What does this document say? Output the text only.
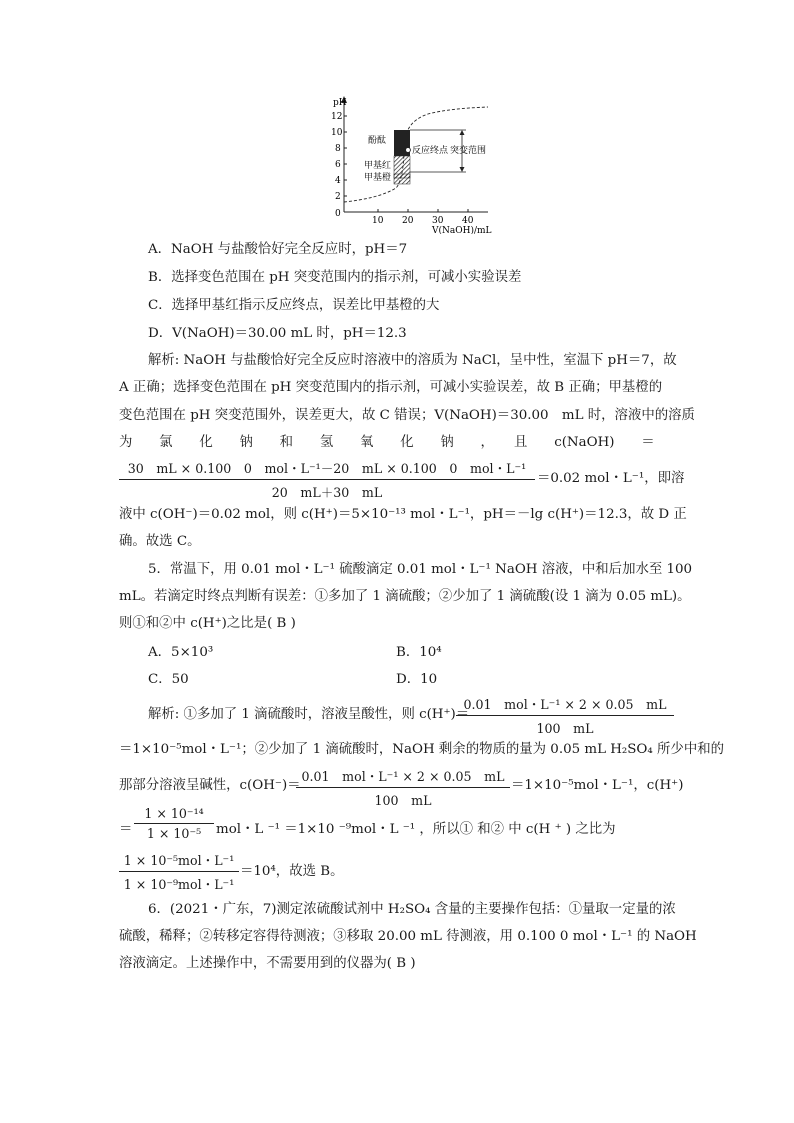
pH
0
2
4
6
8
10
12
10 20 30 40
V(NaOH)/mL
酚酞
反应终点 突变范围
甲基红
甲基橙
A．NaOH 与盐酸恰好完全反应时，pH＝7
B．选择变色范围在 pH 突变范围内的指示剂，可减小实验误差
C．选择甲基红指示反应终点，误差比甲基橙的大
D．V(NaOH)＝30.00 mL 时，pH＝12.3
解析: NaOH 与盐酸恰好完全反应时溶液中的溶质为 NaCl，呈中性，室温下 pH＝7，故
A 正确；选择变色范围在 pH 突变范围内的指示剂，可减小实验误差，故 B 正确；甲基橙的
变色范围在 pH 突变范围外，误差更大，故 C 错误；V(NaOH)＝30.00　mL 时，溶液中的溶质
为　　氯　　化　　钠　　和　　氢　　氧　　化　　钠　　，　　且　　c(NaOH)　　＝
30　mL × 0.100　0　mol・L⁻¹－20　mL × 0.100　0　mol・L⁻¹
20　mL＋30　mL
＝0.02 mol・L⁻¹，即溶
液中 c(OH⁻)＝0.02 mol，则 c(H⁺)＝5×10⁻¹³ mol・L⁻¹，pH＝－lg c(H⁺)＝12.3，故 D 正
确。故选 C。
5．常温下，用 0.01 mol・L⁻¹ 硫酸滴定 0.01 mol・L⁻¹ NaOH 溶液，中和后加水至 100
mL。若滴定时终点判断有误差：①多加了 1 滴硫酸；②少加了 1 滴硫酸(设 1 滴为 0.05 mL)。
则①和②中 c(H⁺)之比是( B )
A．5×10³	B．10⁴
C．50	D．10
解析: ①多加了 1 滴硫酸时，溶液呈酸性，则 c(H⁺)＝
0.01　mol・L⁻¹ × 2 × 0.05　mL
100　mL
＝1×10⁻⁵mol・L⁻¹；②少加了 1 滴硫酸时，NaOH 剩余的物质的量为 0.05 mL H₂SO₄ 所少中和的
那部分溶液呈碱性，c(OH⁻)＝
0.01　mol・L⁻¹ × 2 × 0.05　mL
100　mL
＝1×10⁻⁵mol・L⁻¹，c(H⁺)
＝
1 × 10⁻¹⁴
1 × 10⁻⁵	mol・L ⁻¹ ＝1×10 ⁻⁹mol・L ⁻¹ ，所以① 和② 中 c(H ⁺ ) 之比为
1 × 10⁻⁵mol・L⁻¹
1 × 10⁻⁹mol・L⁻¹
＝10⁴，故选 B。
6．(2021・广东，7)测定浓硫酸试剂中 H₂SO₄ 含量的主要操作包括：①量取一定量的浓
硫酸，稀释；②转移定容得待测液；③移取 20.00 mL 待测液，用 0.100 0 mol・L⁻¹ 的 NaOH
溶液滴定。上述操作中，不需要用到的仪器为( B )
